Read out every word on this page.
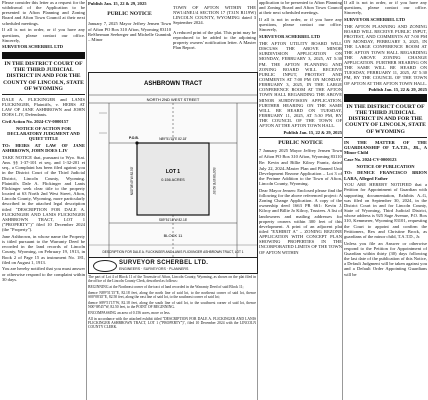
Please consider this letter as a request for the withdrawal of the Application to be presented to Afton Planning and Zoning Board and Afton Town Council at their next scheduled meetings.

If all is not in order, or if you have any questions, please contact our office. Sincerely,

SURVEYOR SCHERBEL LTD

IN THE DISTRICT COURT OF THE THIRD JUDICIAL DISTRICT IN AND FOR THE COUNTY OF LINCOLN, STATE OF WYOMING

DALE A. FLICKINGER and LANIS FLICKINGER, Plaintiffs, v. HEIRS AT LAW OF JANE ASHBROWN and JOHN DOES I–IV, Defendants.

Civil Action No. 2024-CV-0000157

NOTICE OF ACTION FOR DECLARATORY JUDGMENT AND QUIET TITLE

TO: HEIRS AT LAW OF JANE ASHBROWN, JOHN DOES I–IV

TAKE NOTICE that, pursuant to Wyo. Stat. Ann. §§ 1-37-101 et seq. and 1-32-201 et seq., a Complaint has been filed against you in the District Court of the Third Judicial District, Lincoln County, Wyoming. Plaintiffs Dale A. Flickinger and Lanis Flickinger seek clear title to the property located at 63 North 2nd West Street, Afton, Lincoln County, Wyoming, more particularly described in the attached legal description titled "DESCRIPTION FOR DALE A. FLICKINGER AND LANIS FLICKINGER ASHBROWN TRACT, LOT 1 ("PROPERTY")" filed 10 December 2024 (the "Property").

Jane Ashbrown, in whose name the Property is titled pursuant to the Warranty Deed be recorded in the land records of Lincoln County, Wyoming, on February 19, 1913, in Book 2 of Page 15 as instrument No. 181, filed on August 1, 1913.

You are hereby notified that you must answer or otherwise respond to the complaint within 30 days.

Publish Jan. 15, 22 & 29, 2025

PUBLIC NOTICE

January 7, 2025 Mayor Jeffrey Jensen Town of Afton PO Box 310 Afton, Wyoming 83110 ReSherman Seeberger and Michelle Gunnink – Minor

TOWN OF AFTON WITHIN THE NW1/4NE1/4 SECTION 17 (T31N R119W) LINCOLN COUNTY, WYOMING dated 3 September 2024.

A reduced print of the plat. This print may be reproduced to be added to the adjoining property owners' notification letter. A Master Plan Report.

ASHBROWN TRACT
NORTH 2ND WEST STREET
LOT 1
0.156 ACRES
N89°51'15"E 82.18'
S89°51'15"W 82.18'
S00°08'45"E 82.50'
N00°08'45"W 82.50'
P.O.B.
BLOCK 11
DESCRIPTION FOR DALE A. FLICKINGER AND LANIS FLICKINGER ASHBROWN TRACT, LOT 1
SURVEYOR SCHERBEL LTD.
ENGINEERS · SURVEYORS · PLANNERS

The part of Lot 4 of Block 11 of the Townsite of Afton, Lincoln County, Wyoming, as shown on the plat filed in the office of the Lincoln County Clerk, described as follows:

BEGINNING at the Northeast corner of the tract of land recorded in the Warranty Deed of said Block 11;

thence N89°51'15"E, 82.18 feet, along the north line of said lot, to the northeast corner of said lot, thence S00°08'45"E, 82.50 feet, along the east line of said lot, to the southeast corner of said lot;

thence S89°51'15"W, 82.18 feet, along the south line of said lot, to the southwest corner of said lot, thence N00°08'45"W, 82.50 feet, to the POINT OF BEGINNING.

ENCOMPASSING an area of 0.156 acres, more or less.

All in accordance with the attached exhibit titled "DESCRIPTION FOR DALE A. FLICKINGER AND LANIS FLICKINGER ASHBROWN TRACT, LOT 1 ("PROPERTY")", filed 10 December 2024 with the LINCOLN COUNTY CLERK.

application to be presented to Afton Planning and Zoning Board and Afton Town Council at their next scheduled meetings.

If all is not in order, or if you have any questions, please contact our office. Sincerely,

SURVEYOR SCHERBEL LTD

THE AFTON UTILITY BOARD WILL DISCUSS THE ABOVE MINOR SUBDIVISION APPLICATION ON MONDAY, FEBRUARY 3, 2025, AT 5:30 PM. THE AFTON PLANNING AND ZONING BOARD WILL RECEIVE PUBLIC INPUT, PROTEST AND COMMENTS AT 7:00 PM ON MONDAY, FEBRUARY 3, 2025, IN THE LARGE CONFERENCE ROOM AT THE AFTON TOWN HALL REGARDING THE ABOVE MINOR SUBDIVISION APPLICATION. FURTHER HEARING ON THE SAME WILL BE HEARD ON TUESDAY, FEBRUARY 11, 2025, AT 5:30 PM, BY THE COUNCIL OF THE TOWN OF AFTON AT THE AFTON TOWN HALL.

Publish Jan. 15, 22 & 29, 2025

PUBLIC NOTICE

7 January 2025 Mayor Jeffrey Jensen Town of Afton PO Box 310 Afton, Wyoming 83110

Re: Kevin and Billie Kilroy Frantz, dated July 22, 2024–Master Plan and Planned Unit Development Rezone Application – Lot 3 of the Perinne Addition to the Town of Afton, Lincoln County, Wyoming.

Dear Mayor Jensen: Enclosed please find the following for the above referenced project: A Zoning Change Application. A copy of the ownership deed 1663 PR 661: Kevin J. Kilroy and Billie Jo Kilroy, Trustees. A list of landowners and mailing addresses for property owners within 300 feet of this development. A print of an adjacent plat titled "EXHIBIT A" – ZONING REZONE APPLICATION WITH CONCEPT PLAN SHOWING PROPERTIES IN THE INCORPORATED LIMITS OF THE TOWN OF AFTON WITHIN

If all is not in order, or if you have any questions, please contact our office. Sincerely,

SURVEYOR SCHERBEL LTD

THE AFTON PLANNING AND ZONING BOARD WILL RECEIVE PUBLIC INPUT, PROTEST, AND COMMENTS AT 7:00 PM ON MONDAY, FEBRUARY 3, 2025, IN THE LARGE CONFERENCE ROOM AT THE AFTON TOWN HALL REGARDING THE ABOVE ZONING CHANGE APPLICATION. FURTHER HEARING ON THE SAME WILL BE HEARD ON TUESDAY, FEBRUARY 11, 2025, AT 5:30 PM, BY THE COUNCIL OF THE TOWN OF AFTON AT THE AFTON TOWN HALL.

Publish Jan. 15, 22 & 29, 2025

IN THE DISTRICT COURT OF THE THIRD JUDICIAL DISTRICT IN AND FOR THE COUNTY OF LINCOLN, STATE OF WYOMING

IN THE MATTER OF THE GUARDIANSHIP OF T.A.T.D., JR., A Minor Child

Case No. 2024-CV-0000123

NOTICE OF PUBLICATION

TO: DENICE FRANCISCO BRION LARA, Alleged Father

YOU ARE HEREBY NOTIFIED that a Petition for Appointment of Guardian with supporting documentation, Exhibits A–G, was filed on September 30, 2024, in the District Court in and for Lincoln County, State of Wyoming, Third Judicial District, whose address is 925 Sage Avenue, P.O. Box 310, Kemmerer, Wyoming 83101, requesting the Court to appoint and confirm the Petitioners, Rex and Christine Brock, as guardians of the minor child, T.A.T.D., Jr.

Unless you file an Answer or otherwise respond to the Petition for Appointment of Guardian within thirty (30) days following the last date of the publication of this Notice, a Default Judgment will be taken against you and a Default Order Appointing Guardians will be
